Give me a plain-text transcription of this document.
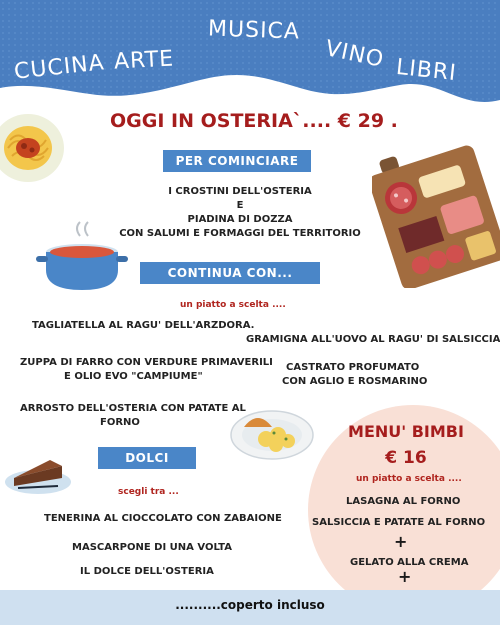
CUCINA ARTE
MUSICA
VINO LIBRI
OGGI IN OSTERIA`.... € 29 .
PER COMINCIARE
I CROSTINI DELL'OSTERIA
E
PIADINA DI DOZZA
CON SALUMI E FORMAGGI DEL TERRITORIO
CONTINUA CON...
un piatto a scelta ....
TAGLIATELLA AL RAGU' DELL'ARZDORA.
GRAMIGNA ALL'UOVO AL RAGU' DI SALSICCIA
ZUPPA DI FARRO CON VERDURE PRIMAVERILI
E OLIO EVO "CAMPIUME"
CASTRATO PROFUMATO
CON AGLIO E ROSMARINO
ARROSTO DELL'OSTERIA CON PATATE AL
FORNO
DOLCI
scegli tra ...
TENERINA AL CIOCCOLATO CON ZABAIONE
MASCARPONE DI UNA VOLTA
IL DOLCE DELL'OSTERIA
MENU' BIMBI
€ 16
un piatto a scelta ....
LASAGNA AL FORNO
SALSICCIA E PATATE AL FORNO
+
GELATO ALLA CREMA
+
..........coperto incluso
